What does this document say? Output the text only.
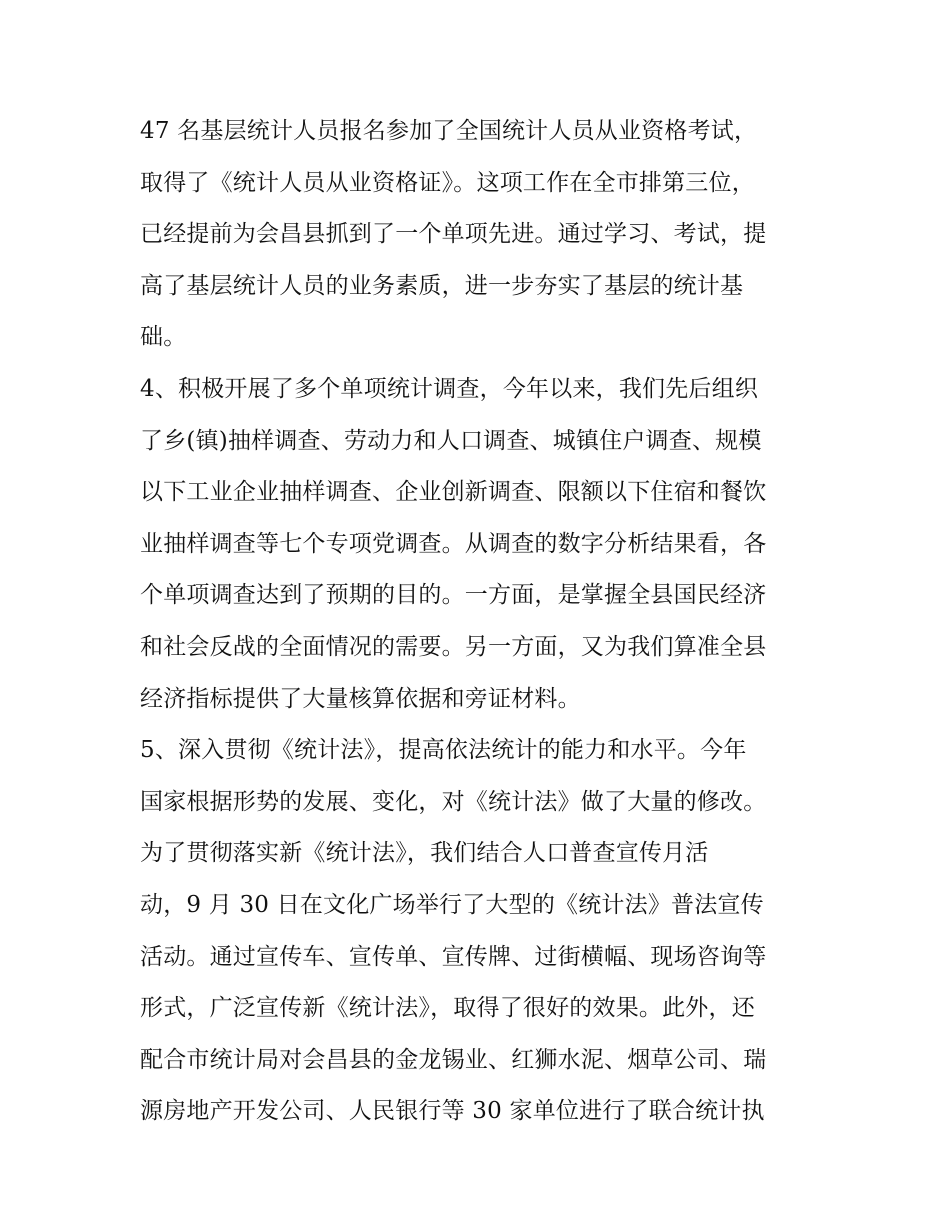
47 名基层统计人员报名参加了全国统计人员从业资格考试，
取得了《统计人员从业资格证》。这项工作在全市排第三位，
已经提前为会昌县抓到了一个单项先进。通过学习、考试，提
高了基层统计人员的业务素质，进一步夯实了基层的统计基
础。
4、积极开展了多个单项统计调查，今年以来，我们先后组织
了乡(镇)抽样调查、劳动力和人口调查、城镇住户调查、规模
以下工业企业抽样调查、企业创新调查、限额以下住宿和餐饮
业抽样调查等七个专项党调查。从调查的数字分析结果看，各
个单项调查达到了预期的目的。一方面，是掌握全县国民经济
和社会反战的全面情况的需要。另一方面，又为我们算准全县
经济指标提供了大量核算依据和旁证材料。
5、深入贯彻《统计法》，提高依法统计的能力和水平。今年
国家根据形势的发展、变化，对《统计法》做了大量的修改。
为了贯彻落实新《统计法》，我们结合人口普查宣传月活
动，9 月 30 日在文化广场举行了大型的《统计法》普法宣传
活动。通过宣传车、宣传单、宣传牌、过街横幅、现场咨询等
形式，广泛宣传新《统计法》，取得了很好的效果。此外，还
配合市统计局对会昌县的金龙锡业、红狮水泥、烟草公司、瑞
源房地产开发公司、人民银行等 30 家单位进行了联合统计执
